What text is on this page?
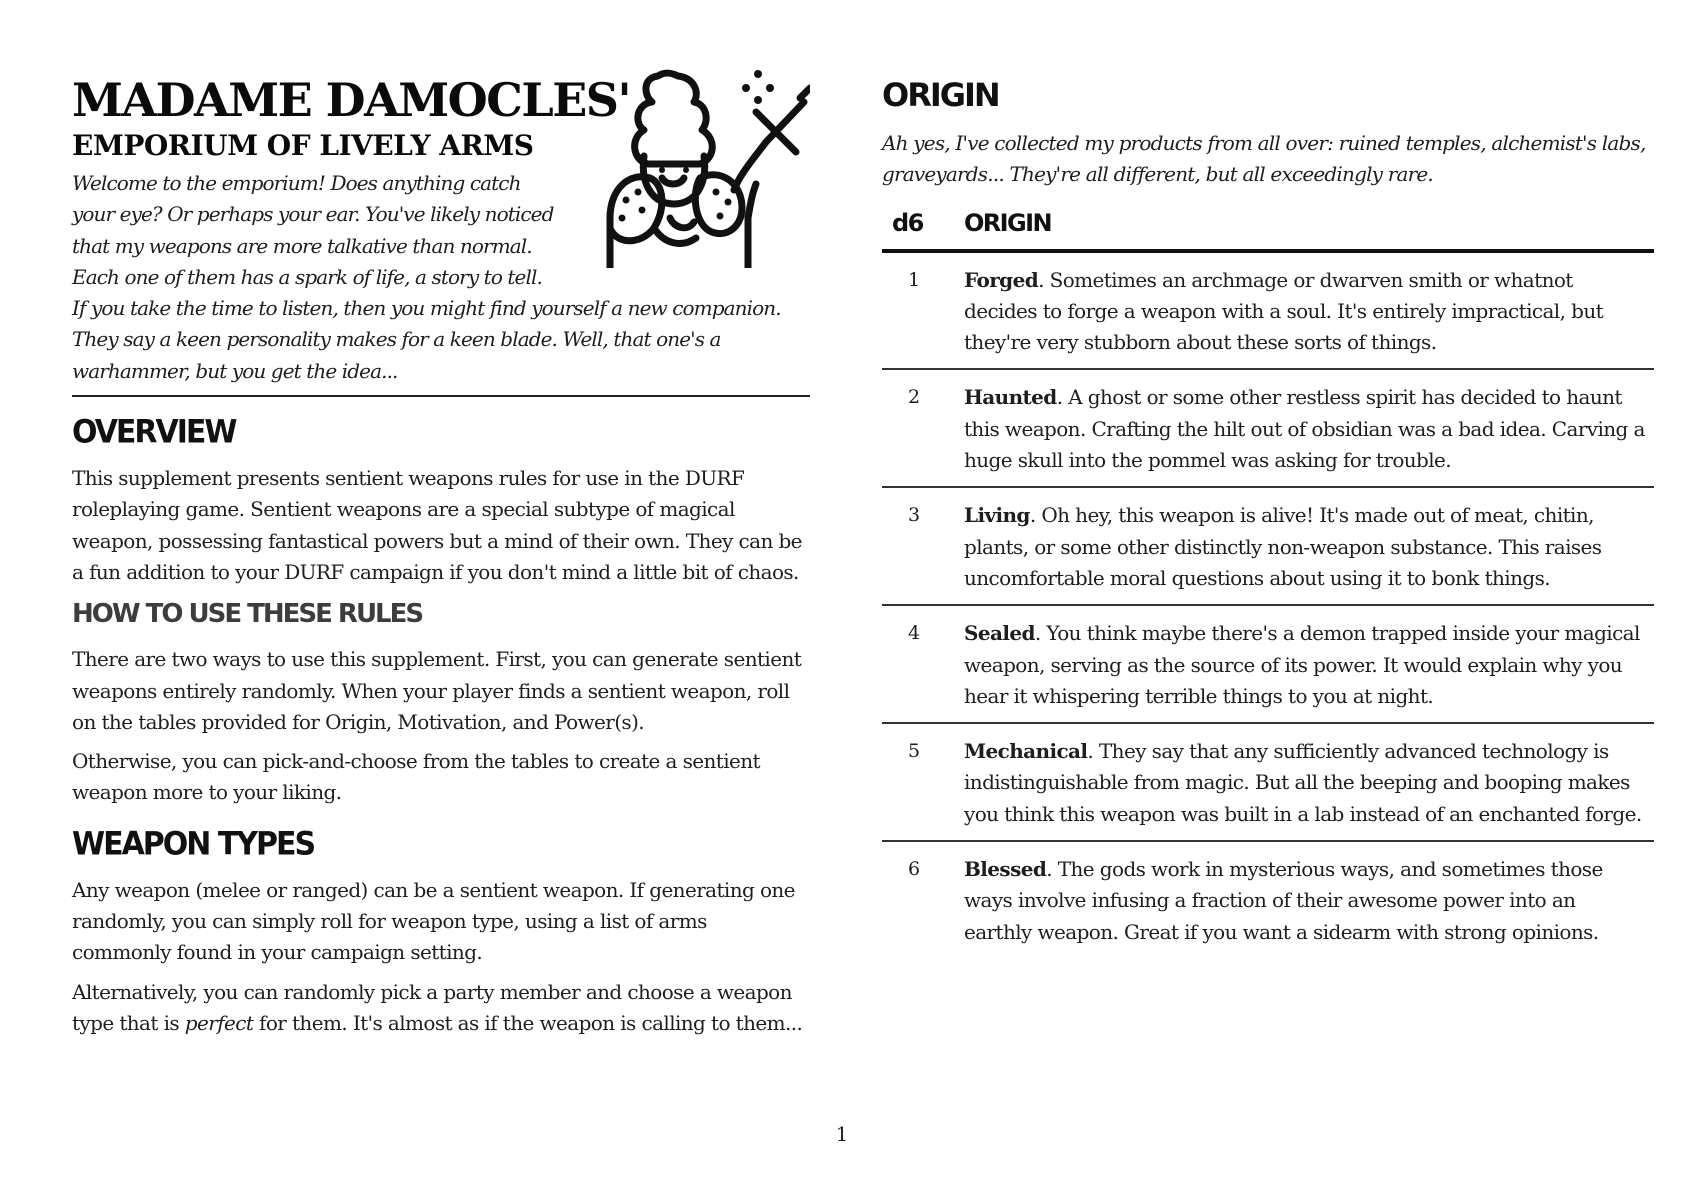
MADAME DAMOCLES'
EMPORIUM OF LIVELY ARMS

Welcome to the emporium! Does anything catch your eye? Or perhaps your ear. You've likely noticed that my weapons are more talkative than normal. Each one of them has a spark of life, a story to tell. If you take the time to listen, then you might find yourself a new companion. They say a keen personality makes for a keen blade. Well, that one's a warhammer, but you get the idea...

OVERVIEW

This supplement presents sentient weapons rules for use in the DURF roleplaying game. Sentient weapons are a special subtype of magical weapon, possessing fantastical powers but a mind of their own. They can be a fun addition to your DURF campaign if you don't mind a little bit of chaos.

HOW TO USE THESE RULES

There are two ways to use this supplement. First, you can generate sentient weapons entirely randomly. When your player finds a sentient weapon, roll on the tables provided for Origin, Motivation, and Power(s).

Otherwise, you can pick-and-choose from the tables to create a sentient weapon more to your liking.

WEAPON TYPES

Any weapon (melee or ranged) can be a sentient weapon. If generating one randomly, you can simply roll for weapon type, using a list of arms commonly found in your campaign setting.

Alternatively, you can randomly pick a party member and choose a weapon type that is perfect for them. It's almost as if the weapon is calling to them...

ORIGIN

Ah yes, I've collected my products from all over: ruined temples, alchemist's labs, graveyards... They're all different, but all exceedingly rare.

d6	ORIGIN
1	Forged. Sometimes an archmage or dwarven smith or whatnot decides to forge a weapon with a soul. It's entirely impractical, but they're very stubborn about these sorts of things.
2	Haunted. A ghost or some other restless spirit has decided to haunt this weapon. Crafting the hilt out of obsidian was a bad idea. Carving a huge skull into the pommel was asking for trouble.
3	Living. Oh hey, this weapon is alive! It's made out of meat, chitin, plants, or some other distinctly non-weapon substance. This raises uncomfortable moral questions about using it to bonk things.
4	Sealed. You think maybe there's a demon trapped inside your magical weapon, serving as the source of its power. It would explain why you hear it whispering terrible things to you at night.
5	Mechanical. They say that any sufficiently advanced technology is indistinguishable from magic. But all the beeping and booping makes you think this weapon was built in a lab instead of an enchanted forge.
6	Blessed. The gods work in mysterious ways, and sometimes those ways involve infusing a fraction of their awesome power into an earthly weapon. Great if you want a sidearm with strong opinions.
1
